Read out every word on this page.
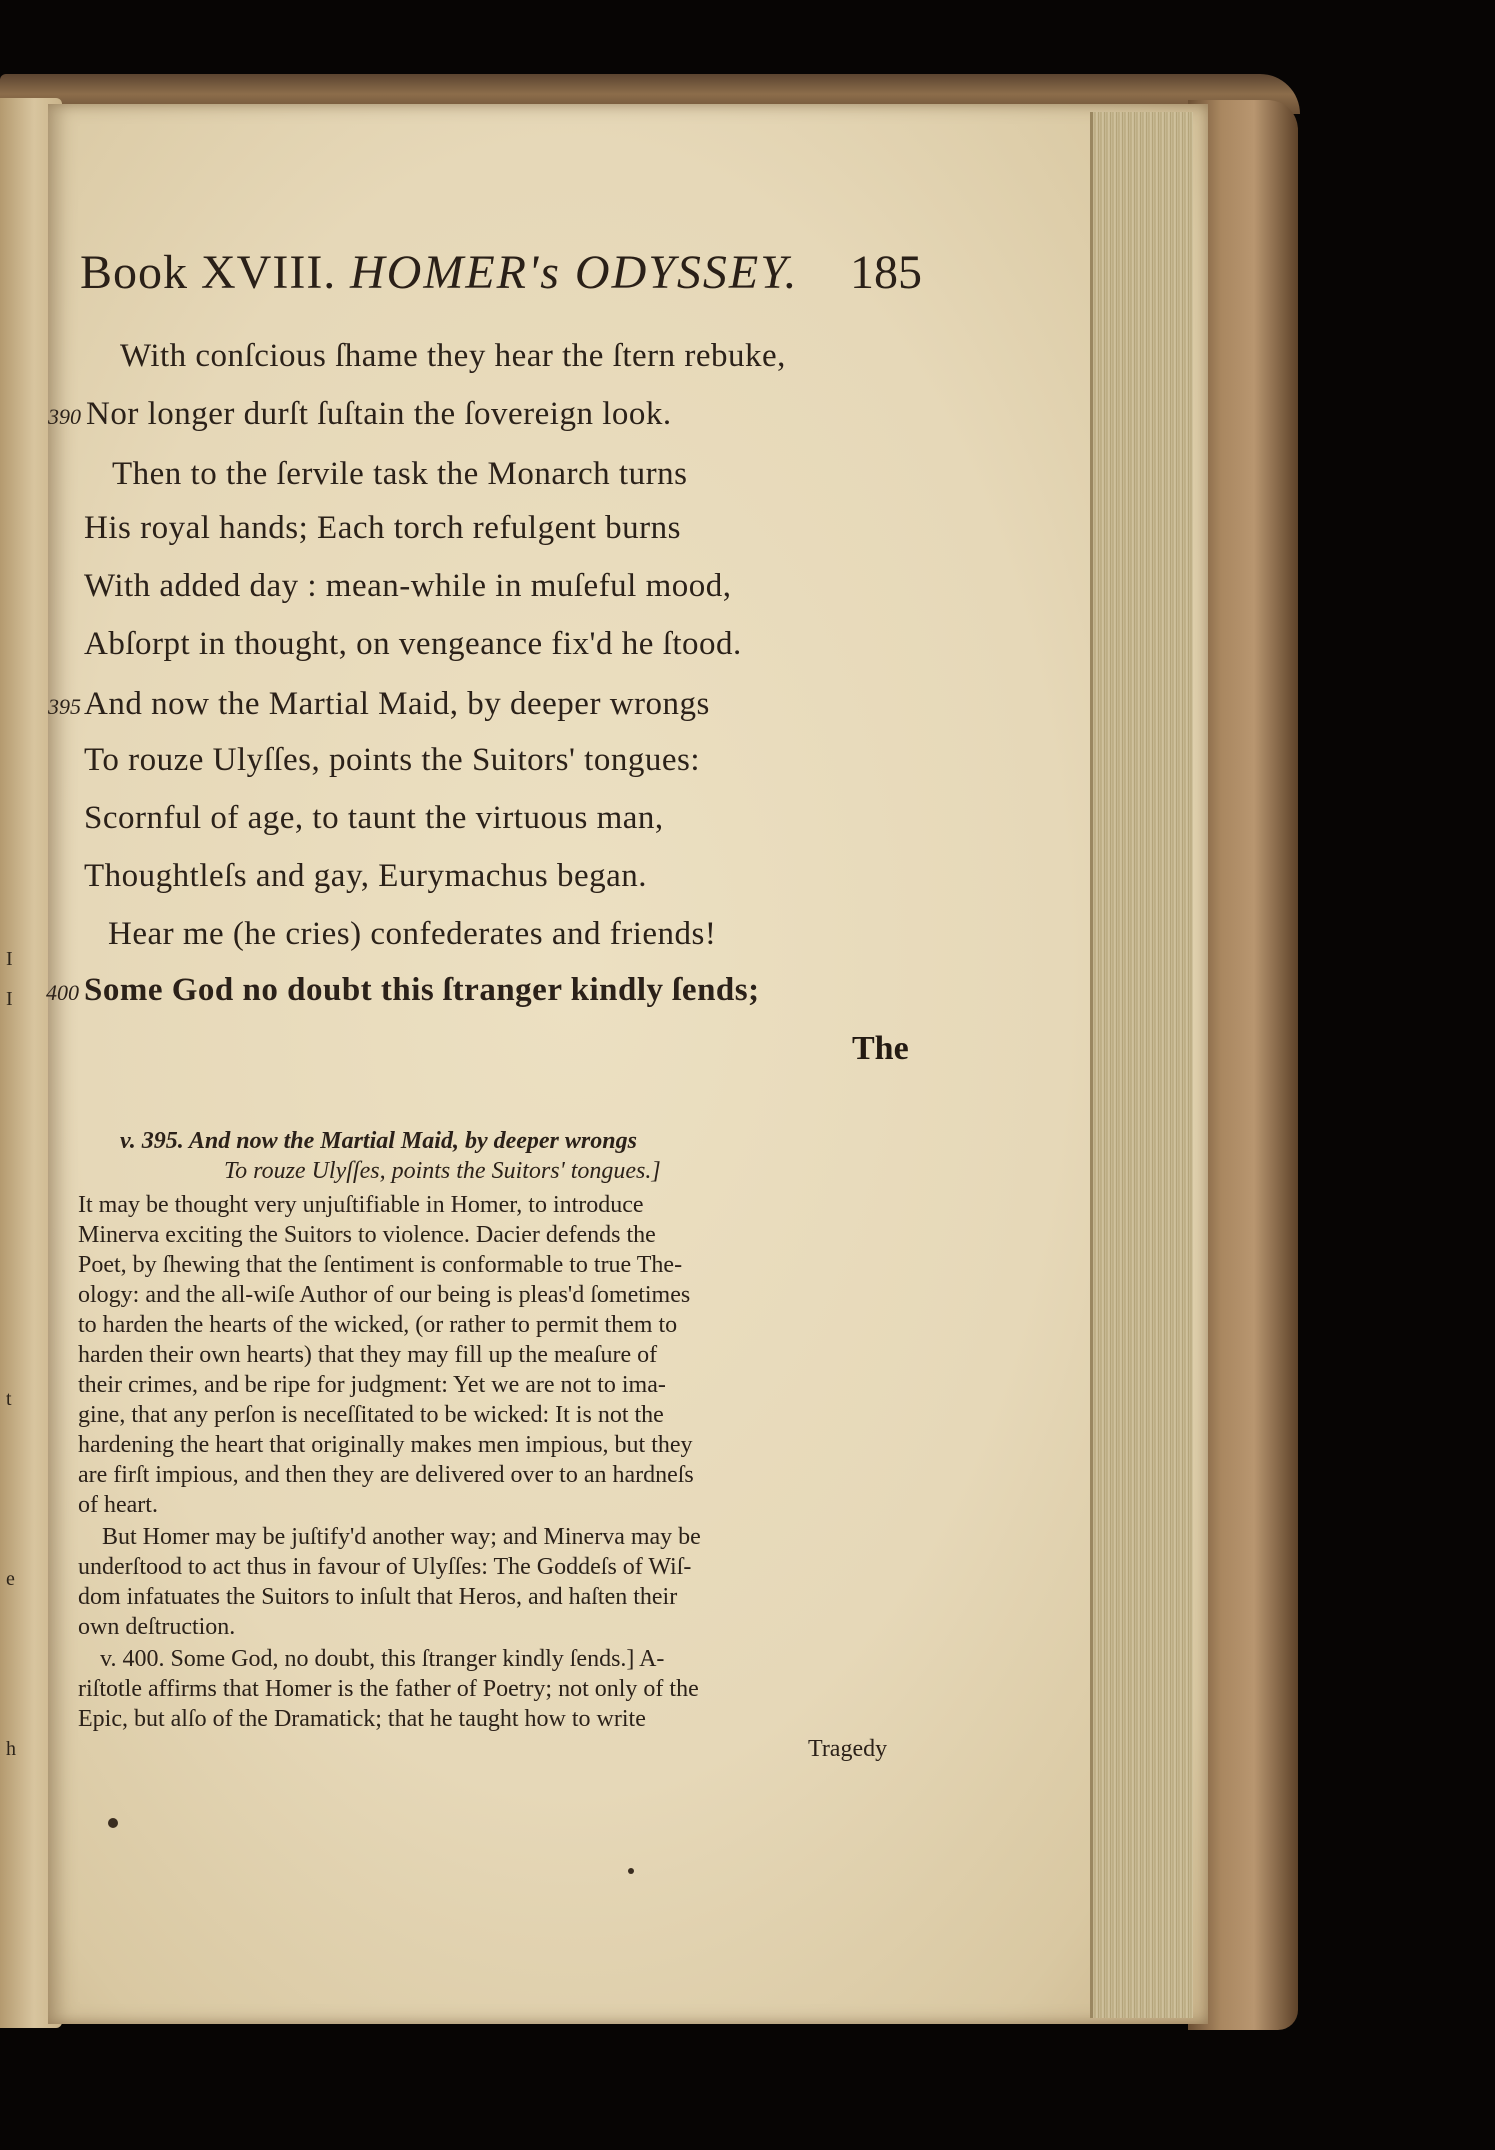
I
I
t
e
h
Book XVIII. HOMER's ODYSSEY. 185
With conſcious ſhame they hear the ſtern rebuke,
390 Nor longer durſt ſuſtain the ſovereign look.
Then to the ſervile task the Monarch turns
His royal hands; Each torch refulgent burns
With added day : mean-while in muſeful mood,
Abſorpt in thought, on vengeance fix'd he ſtood.
395 And now the Martial Maid, by deeper wrongs
To rouze Ulyſſes, points the Suitors' tongues:
Scornful of age, to taunt the virtuous man,
Thoughtleſs and gay, Eurymachus began.
Hear me (he cries) confederates and friends!
400 Some God no doubt this ſtranger kindly ſends;
The
v. 395. And now the Martial Maid, by deeper wrongs
To rouze Ulyſſes, points the Suitors' tongues.]
It may be thought very unjuſtifiable in Homer, to introduce
Minerva exciting the Suitors to violence. Dacier defends the
Poet, by ſhewing that the ſentiment is conformable to true The-
ology: and the all-wiſe Author of our being is pleas'd ſometimes
to harden the hearts of the wicked, (or rather to permit them to
harden their own hearts) that they may fill up the meaſure of
their crimes, and be ripe for judgment: Yet we are not to ima-
gine, that any perſon is neceſſitated to be wicked: It is not the
hardening the heart that originally makes men impious, but they
are firſt impious, and then they are delivered over to an hardneſs
of heart.
But Homer may be juſtify'd another way; and Minerva may be
underſtood to act thus in favour of Ulyſſes: The Goddeſs of Wiſ-
dom infatuates the Suitors to inſult that Heros, and haſten their
own deſtruction.
v. 400. Some God, no doubt, this ſtranger kindly ſends.] A-
riſtotle affirms that Homer is the father of Poetry; not only of the
Epic, but alſo of the Dramatick; that he taught how to write
Tragedy
